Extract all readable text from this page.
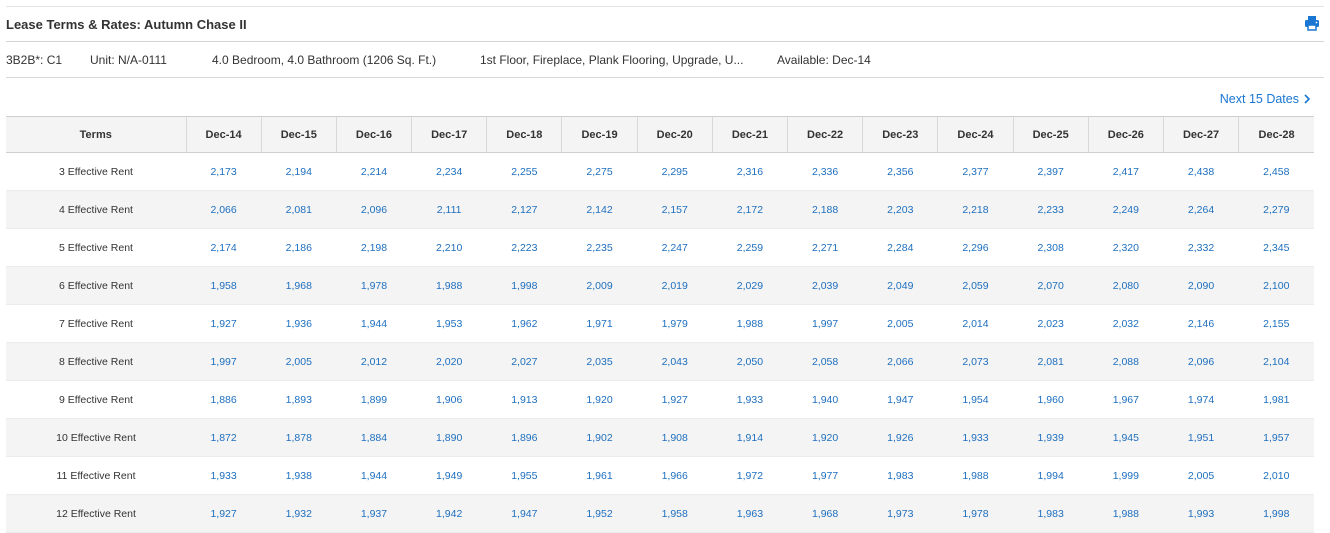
Lease Terms & Rates: Autumn Chase II
3B2B*: C1 Unit: N/A-0111	4.0 Bedroom, 4.0 Bathroom (1206 Sq. Ft.)	1st Floor, Fireplace, Plank Flooring, Upgrade, U...	Available: Dec-14
Next 15 Dates
Terms	Dec-14	Dec-15	Dec-16	Dec-17	Dec-18	Dec-19	Dec-20	Dec-21	Dec-22	Dec-23	Dec-24	Dec-25	Dec-26	Dec-27	Dec-28
3 Effective Rent	2,173	2,194	2,214	2,234	2,255	2,275	2,295	2,316	2,336	2,356	2,377	2,397	2,417	2,438	2,458
4 Effective Rent	2,066	2,081	2,096	2,111	2,127	2,142	2,157	2,172	2,188	2,203	2,218	2,233	2,249	2,264	2,279
5 Effective Rent	2,174	2,186	2,198	2,210	2,223	2,235	2,247	2,259	2,271	2,284	2,296	2,308	2,320	2,332	2,345
6 Effective Rent	1,958	1,968	1,978	1,988	1,998	2,009	2,019	2,029	2,039	2,049	2,059	2,070	2,080	2,090	2,100
7 Effective Rent	1,927	1,936	1,944	1,953	1,962	1,971	1,979	1,988	1,997	2,005	2,014	2,023	2,032	2,146	2,155
8 Effective Rent	1,997	2,005	2,012	2,020	2,027	2,035	2,043	2,050	2,058	2,066	2,073	2,081	2,088	2,096	2,104
9 Effective Rent	1,886	1,893	1,899	1,906	1,913	1,920	1,927	1,933	1,940	1,947	1,954	1,960	1,967	1,974	1,981
10 Effective Rent	1,872	1,878	1,884	1,890	1,896	1,902	1,908	1,914	1,920	1,926	1,933	1,939	1,945	1,951	1,957
11 Effective Rent	1,933	1,938	1,944	1,949	1,955	1,961	1,966	1,972	1,977	1,983	1,988	1,994	1,999	2,005	2,010
12 Effective Rent	1,927	1,932	1,937	1,942	1,947	1,952	1,958	1,963	1,968	1,973	1,978	1,983	1,988	1,993	1,998
